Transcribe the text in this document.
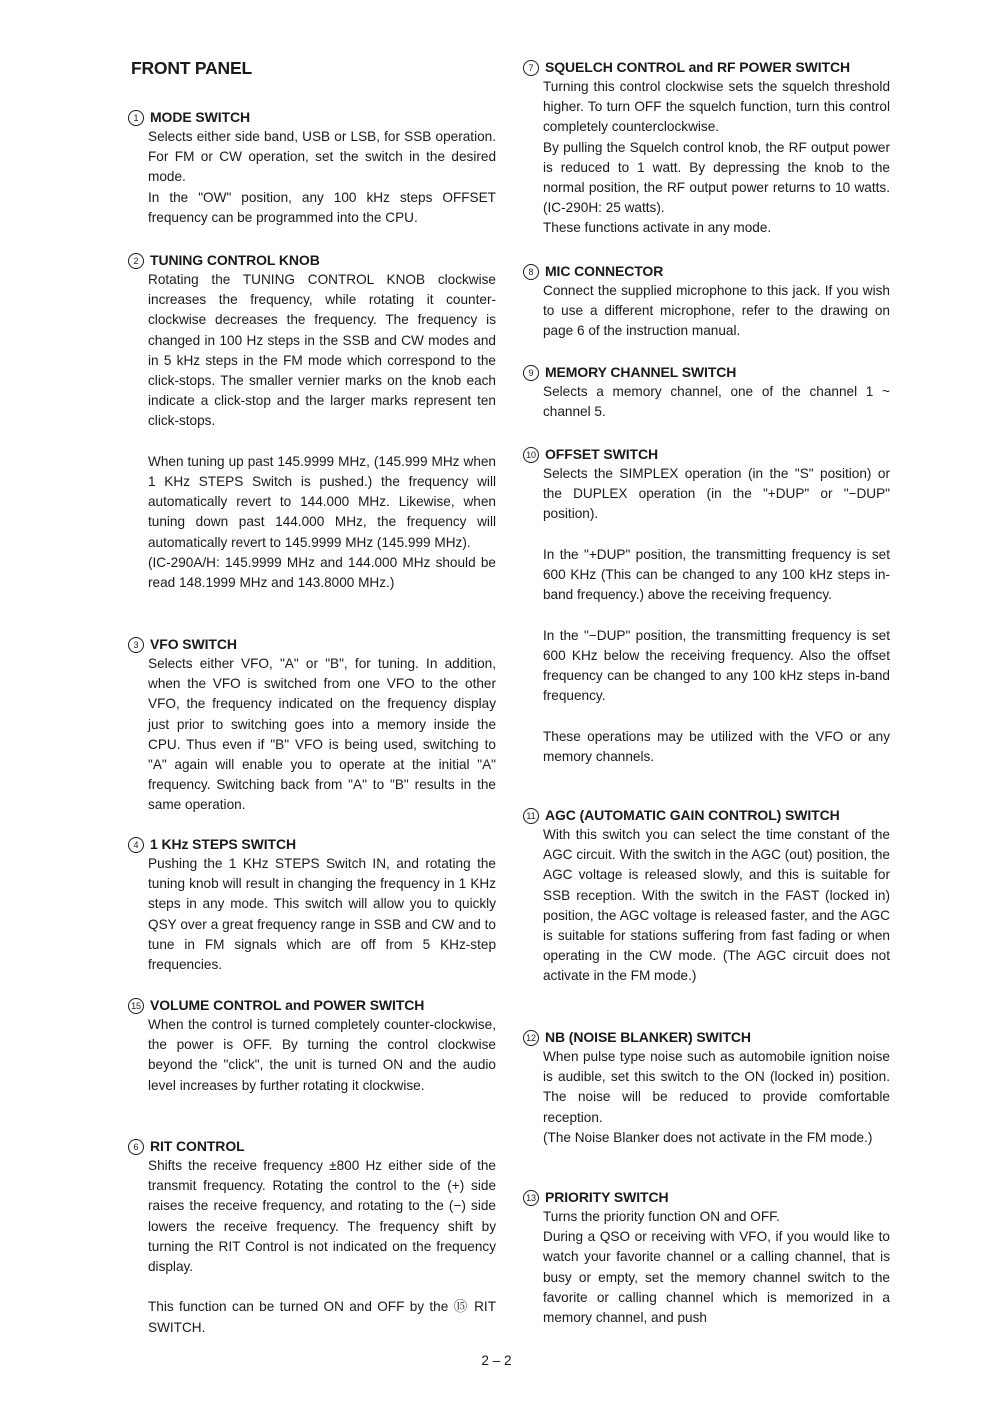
FRONT PANEL
1 MODE SWITCH

Selects either side band, USB or LSB, for SSB operation. For FM or CW operation, set the switch in the desired mode.

In the "OW" position, any 100 kHz steps OFFSET frequency can be programmed into the CPU.

2 TUNING CONTROL KNOB

Rotating the TUNING CONTROL KNOB clockwise increases the frequency, while rotating it counter-clockwise decreases the frequency. The frequency is changed in 100 Hz steps in the SSB and CW modes and in 5 kHz steps in the FM mode which correspond to the click-stops. The smaller vernier marks on the knob each indicate a click-stop and the larger marks represent ten click-stops.

When tuning up past 145.9999 MHz, (145.999 MHz when 1 KHz STEPS Switch is pushed.) the frequency will automatically revert to 144.000 MHz. Likewise, when tuning down past 144.000 MHz, the frequency will automatically revert to 145.9999 MHz (145.999 MHz).

(IC-290A/H: 145.9999 MHz and 144.000 MHz should be read 148.1999 MHz and 143.8000 MHz.)

3 VFO SWITCH

Selects either VFO, "A" or "B", for tuning. In addition, when the VFO is switched from one VFO to the other VFO, the frequency indicated on the frequency display just prior to switching goes into a memory inside the CPU. Thus even if "B" VFO is being used, switching to "A" again will enable you to operate at the initial "A" frequency. Switching back from "A" to "B" results in the same operation.

4 1 KHz STEPS SWITCH

Pushing the 1 KHz STEPS Switch IN, and rotating the tuning knob will result in changing the frequency in 1 KHz steps in any mode. This switch will allow you to quickly QSY over a great frequency range in SSB and CW and to tune in FM signals which are off from 5 KHz-step frequencies.

15 VOLUME CONTROL and POWER SWITCH

When the control is turned completely counter-clockwise, the power is OFF. By turning the control clockwise beyond the "click", the unit is turned ON and the audio level increases by further rotating it clockwise.

6 RIT CONTROL

Shifts the receive frequency ±800 Hz either side of the transmit frequency. Rotating the control to the (+) side raises the receive frequency, and rotating to the (−) side lowers the receive frequency. The frequency shift by turning the RIT Control is not indicated on the frequency display.

This function can be turned ON and OFF by the ⑮ RIT SWITCH.

7 SQUELCH CONTROL and RF POWER SWITCH

Turning this control clockwise sets the squelch threshold higher. To turn OFF the squelch function, turn this control completely counterclockwise.

By pulling the Squelch control knob, the RF output power is reduced to 1 watt. By depressing the knob to the normal position, the RF output power returns to 10 watts. (IC-290H: 25 watts).

These functions activate in any mode.

8 MIC CONNECTOR

Connect the supplied microphone to this jack. If you wish to use a different microphone, refer to the drawing on page 6 of the instruction manual.

9 MEMORY CHANNEL SWITCH

Selects a memory channel, one of the channel 1 ~ channel 5.

10 OFFSET SWITCH

Selects the SIMPLEX operation (in the "S" position) or the DUPLEX operation (in the "+DUP" or "−DUP" position).

In the "+DUP" position, the transmitting frequency is set 600 KHz (This can be changed to any 100 kHz steps in-band frequency.) above the receiving frequency.

In the "−DUP" position, the transmitting frequency is set 600 KHz below the receiving frequency. Also the offset frequency can be changed to any 100 kHz steps in-band frequency.

These operations may be utilized with the VFO or any memory channels.

11 AGC (AUTOMATIC GAIN CONTROL) SWITCH

With this switch you can select the time constant of the AGC circuit. With the switch in the AGC (out) position, the AGC voltage is released slowly, and this is suitable for SSB reception. With the switch in the FAST (locked in) position, the AGC voltage is released faster, and the AGC is suitable for stations suffering from fast fading or when operating in the CW mode. (The AGC circuit does not activate in the FM mode.)

12 NB (NOISE BLANKER) SWITCH

When pulse type noise such as automobile ignition noise is audible, set this switch to the ON (locked in) position. The noise will be reduced to provide comfortable reception.

(The Noise Blanker does not activate in the FM mode.)

13 PRIORITY SWITCH

Turns the priority function ON and OFF.

During a QSO or receiving with VFO, if you would like to watch your favorite channel or a calling channel, that is busy or empty, set the memory channel switch to the favorite or calling channel which is memorized in a memory channel, and push

2 – 2
